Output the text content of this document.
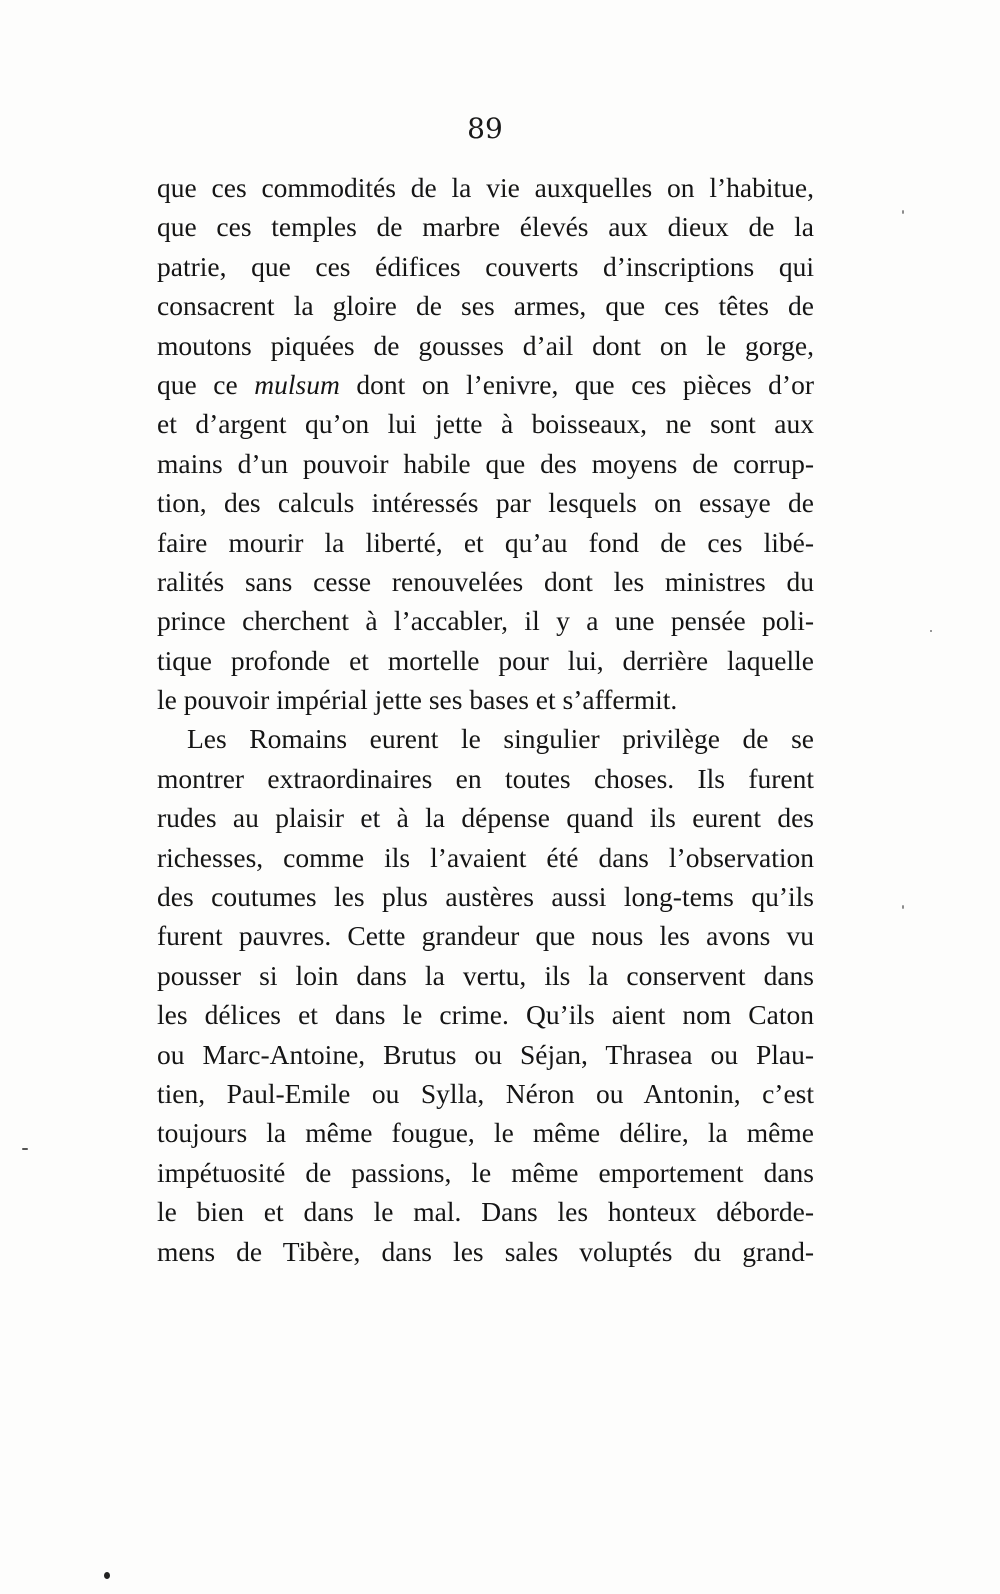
89
que ces commodités de la vie auxquelles on l’habitue,
que ces temples de marbre élevés aux dieux de la
patrie, que ces édifices couverts d’inscriptions qui
consacrent la gloire de ses armes, que ces têtes de
moutons piquées de gousses d’ail dont on le gorge,
que ce mulsum dont on l’enivre, que ces pièces d’or
et d’argent qu’on lui jette à boisseaux, ne sont aux
mains d’un pouvoir habile que des moyens de corrup-
tion, des calculs intéressés par lesquels on essaye de
faire mourir la liberté, et qu’au fond de ces libé-
ralités sans cesse renouvelées dont les ministres du
prince cherchent à l’accabler, il y a une pensée poli-
tique profonde et mortelle pour lui, derrière laquelle
le pouvoir impérial jette ses bases et s’affermit.
Les Romains eurent le singulier privilège de se
montrer extraordinaires en toutes choses. Ils furent
rudes au plaisir et à la dépense quand ils eurent des
richesses, comme ils l’avaient été dans l’observation
des coutumes les plus austères aussi long-tems qu’ils
furent pauvres. Cette grandeur que nous les avons vu
pousser si loin dans la vertu, ils la conservent dans
les délices et dans le crime. Qu’ils aient nom Caton
ou Marc-Antoine, Brutus ou Séjan, Thrasea ou Plau-
tien, Paul-Emile ou Sylla, Néron ou Antonin, c’est
toujours la même fougue, le même délire, la même
impétuosité de passions, le même emportement dans
le bien et dans le mal. Dans les honteux déborde-
mens de Tibère, dans les sales voluptés du grand-
